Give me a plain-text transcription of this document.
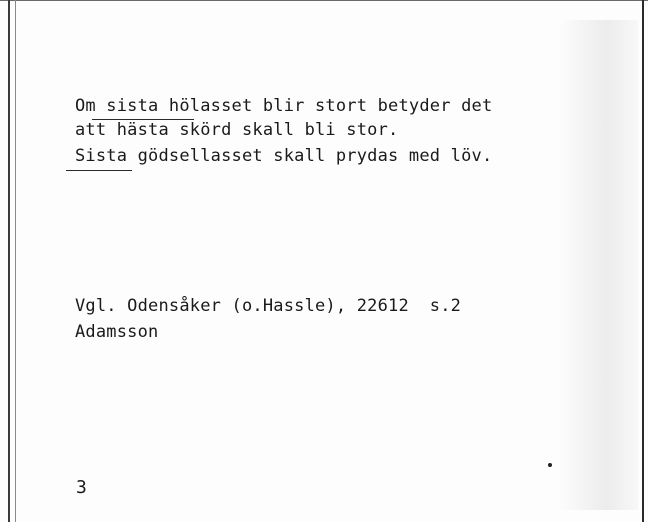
Om sista hölasset blir stort betyder det
att hästa skörd skall bli stor.
Sista gödsellasset skall prydas med löv.
Vgl. Odensåker (o.Hassle), 22612  s.2
Adamsson
3
